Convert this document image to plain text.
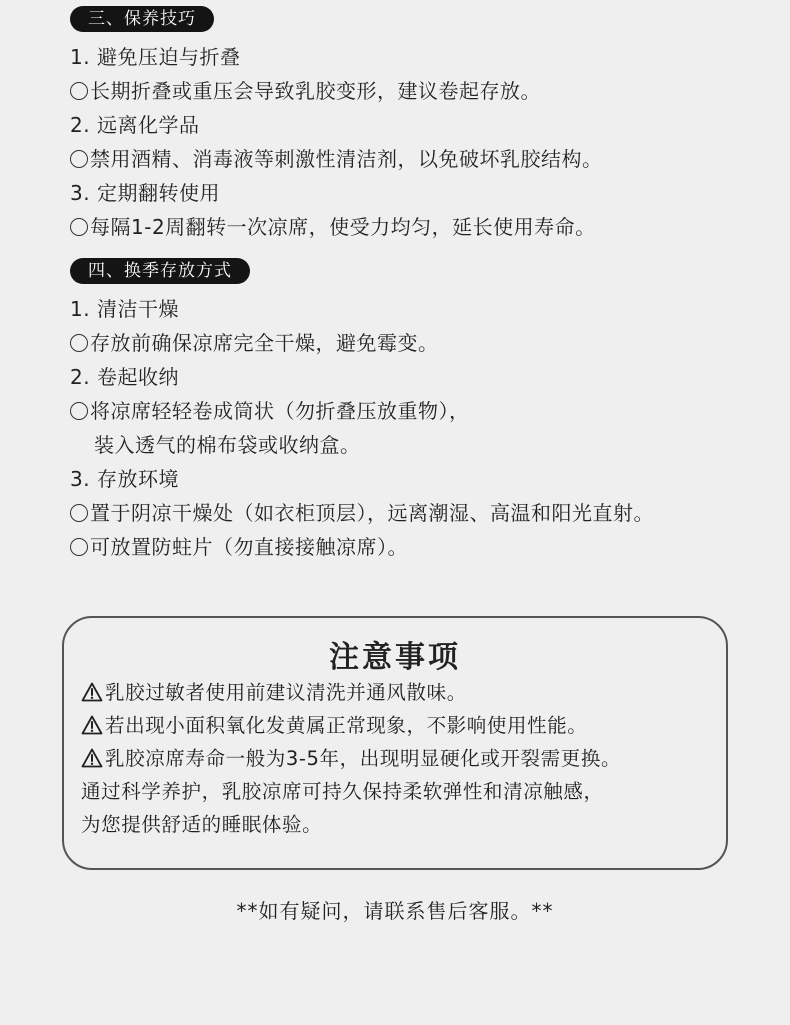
三、保养技巧
1. 避免压迫与折叠
长期折叠或重压会导致乳胶变形，建议卷起存放。
2. 远离化学品
禁用酒精、消毒液等刺激性清洁剂，以免破坏乳胶结构。
3. 定期翻转使用
每隔1-2周翻转一次凉席，使受力均匀，延长使用寿命。
四、换季存放方式
1. 清洁干燥
存放前确保凉席完全干燥，避免霉变。
2. 卷起收纳
将凉席轻轻卷成筒状（勿折叠压放重物），
装入透气的棉布袋或收纳盒。
3. 存放环境
置于阴凉干燥处（如衣柜顶层），远离潮湿、高温和阳光直射。
可放置防蛀片（勿直接接触凉席）。
注意事项
乳胶过敏者使用前建议清洗并通风散味。
若出现小面积氧化发黄属正常现象，不影响使用性能。
乳胶凉席寿命一般为3-5年，出现明显硬化或开裂需更换。
通过科学养护，乳胶凉席可持久保持柔软弹性和清凉触感，
为您提供舒适的睡眠体验。
**如有疑问，请联系售后客服。**
